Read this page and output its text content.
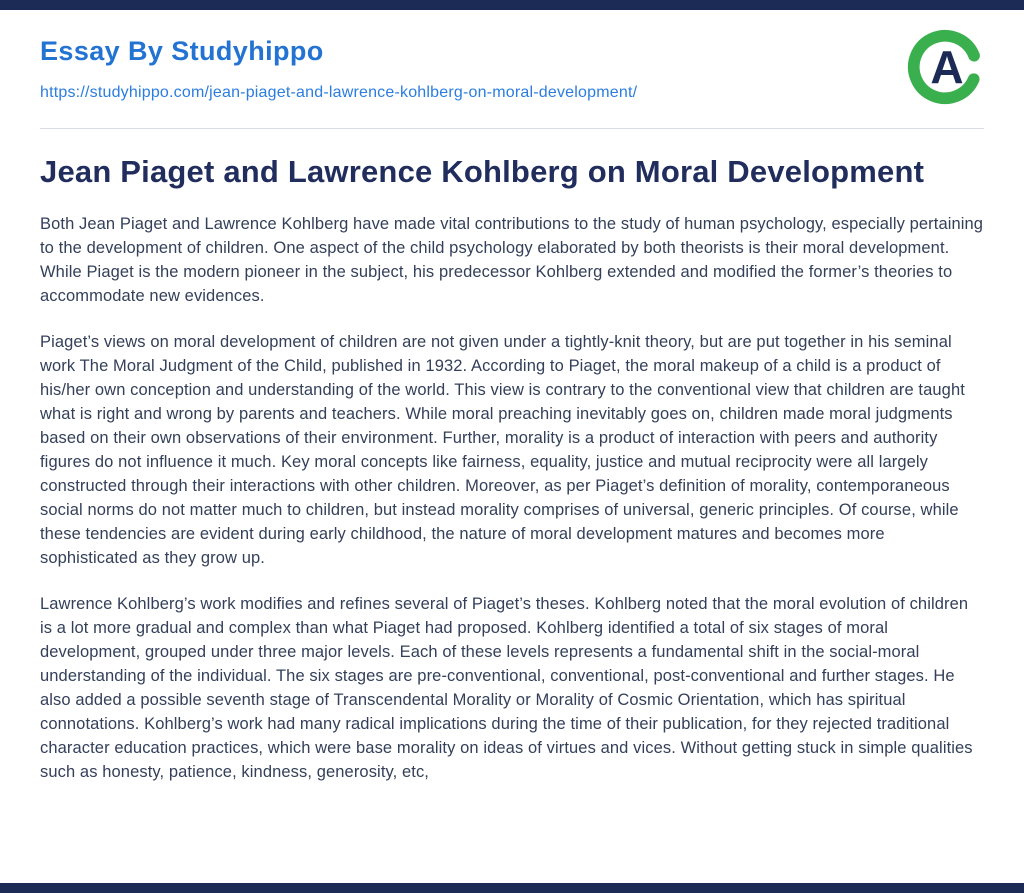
Essay By Studyhippo
https://studyhippo.com/jean-piaget-and-lawrence-kohlberg-on-moral-development/	A
Jean Piaget and Lawrence Kohlberg on Moral Development

Both Jean Piaget and Lawrence Kohlberg have made vital contributions to the study of human psychology, especially pertaining to the development of children. One aspect of the child psychology elaborated by both theorists is their moral development. While Piaget is the modern pioneer in the subject, his predecessor Kohlberg extended and modified the former’s theories to accommodate new evidences.

Piaget’s views on moral development of children are not given under a tightly-knit theory, but are put together in his seminal work The Moral Judgment of the Child, published in 1932. According to Piaget, the moral makeup of a child is a product of his/her own conception and understanding of the world. This view is contrary to the conventional view that children are taught what is right and wrong by parents and teachers. While moral preaching inevitably goes on, children made moral judgments based on their own observations of their environment. Further, morality is a product of interaction with peers and authority figures do not influence it much. Key moral concepts like fairness, equality, justice and mutual reciprocity were all largely constructed through their interactions with other children. Moreover, as per Piaget’s definition of morality, contemporaneous social norms do not matter much to children, but instead morality comprises of universal, generic principles. Of course, while these tendencies are evident during early childhood, the nature of moral development matures and becomes more sophisticated as they grow up.

Lawrence Kohlberg’s work modifies and refines several of Piaget’s theses. Kohlberg noted that the moral evolution of children is a lot more gradual and complex than what Piaget had proposed. Kohlberg identified a total of six stages of moral development, grouped under three major levels. Each of these levels represents a fundamental shift in the social-moral understanding of the individual. The six stages are pre-conventional, conventional, post-conventional and further stages. He also added a possible seventh stage of Transcendental Morality or Morality of Cosmic Orientation, which has spiritual connotations. Kohlberg’s work had many radical implications during the time of their publication, for they rejected traditional character education practices, which were base morality on ideas of virtues and vices. Without getting stuck in simple qualities such as honesty, patience, kindness, generosity, etc,
